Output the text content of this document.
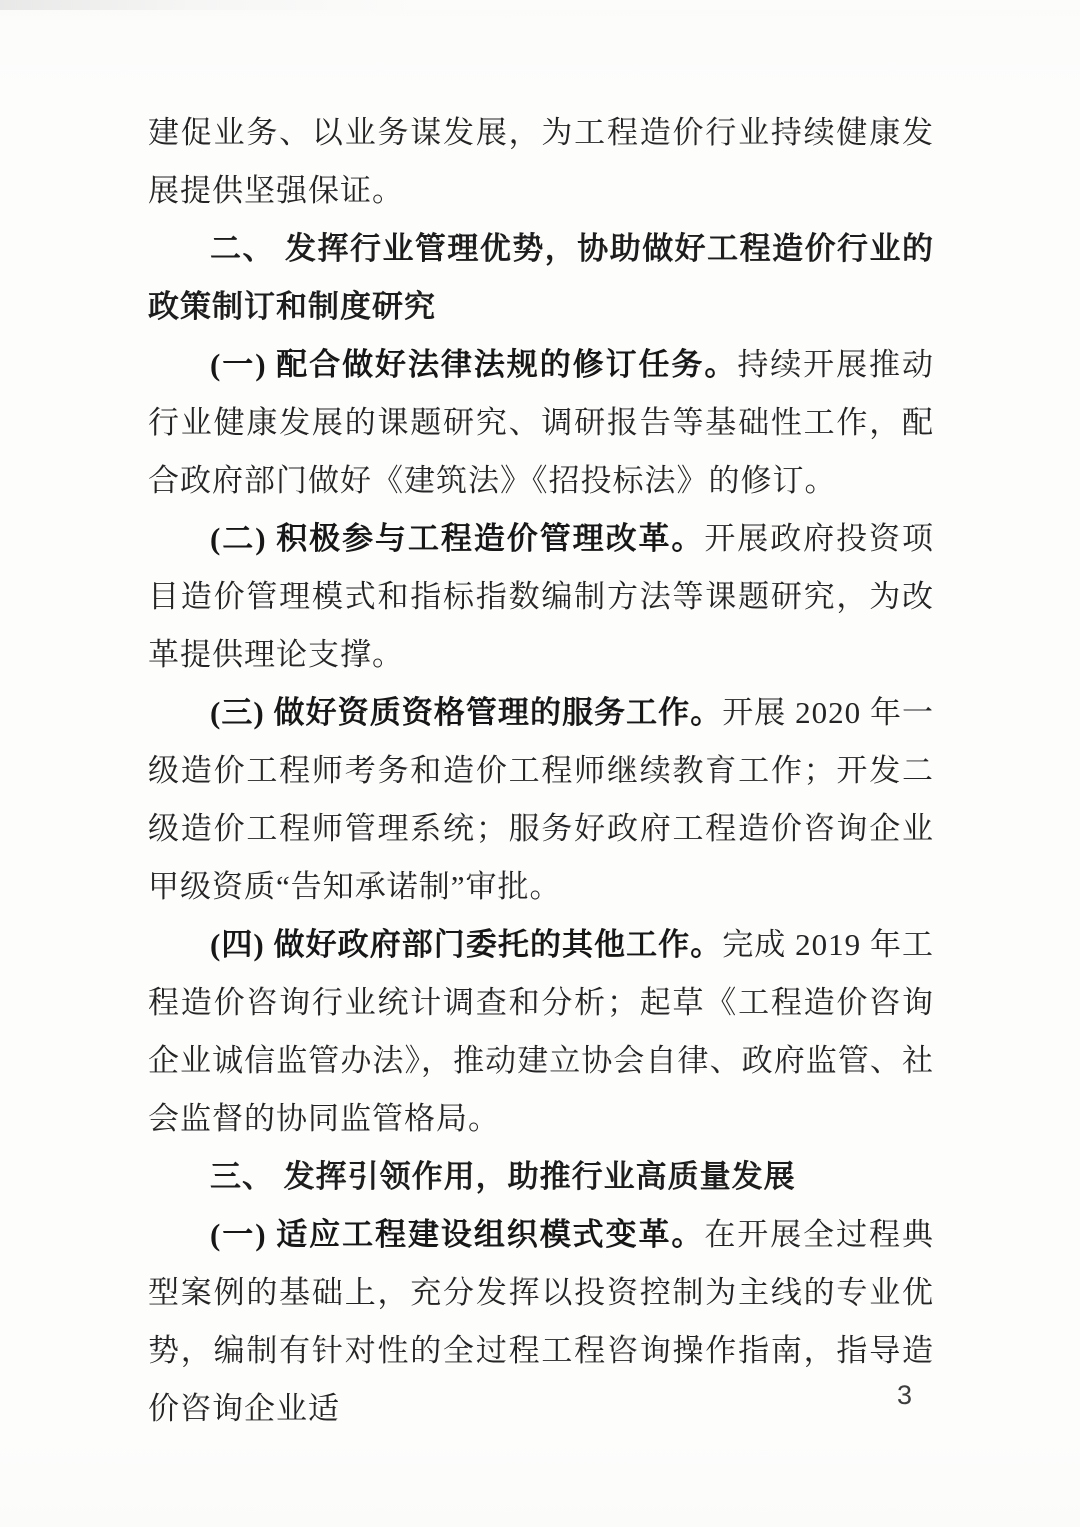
建促业务、以业务谋发展，为工程造价行业持续健康发展提供坚强保证。

二、 发挥行业管理优势，协助做好工程造价行业的政策制订和制度研究

(一) 配合做好法律法规的修订任务。持续开展推动行业健康发展的课题研究、调研报告等基础性工作，配合政府部门做好《建筑法》《招投标法》的修订。

(二) 积极参与工程造价管理改革。开展政府投资项目造价管理模式和指标指数编制方法等课题研究，为改革提供理论支撑。

(三) 做好资质资格管理的服务工作。开展 2020 年一级造价工程师考务和造价工程师继续教育工作；开发二级造价工程师管理系统；服务好政府工程造价咨询企业甲级资质“告知承诺制”审批。

(四) 做好政府部门委托的其他工作。完成 2019 年工程造价咨询行业统计调查和分析；起草《工程造价咨询企业诚信监管办法》，推动建立协会自律、政府监管、社会监督的协同监管格局。

三、 发挥引领作用，助推行业高质量发展

(一) 适应工程建设组织模式变革。在开展全过程典型案例的基础上，充分发挥以投资控制为主线的专业优势，编制有针对性的全过程工程咨询操作指南，指导造价咨询企业适	3
